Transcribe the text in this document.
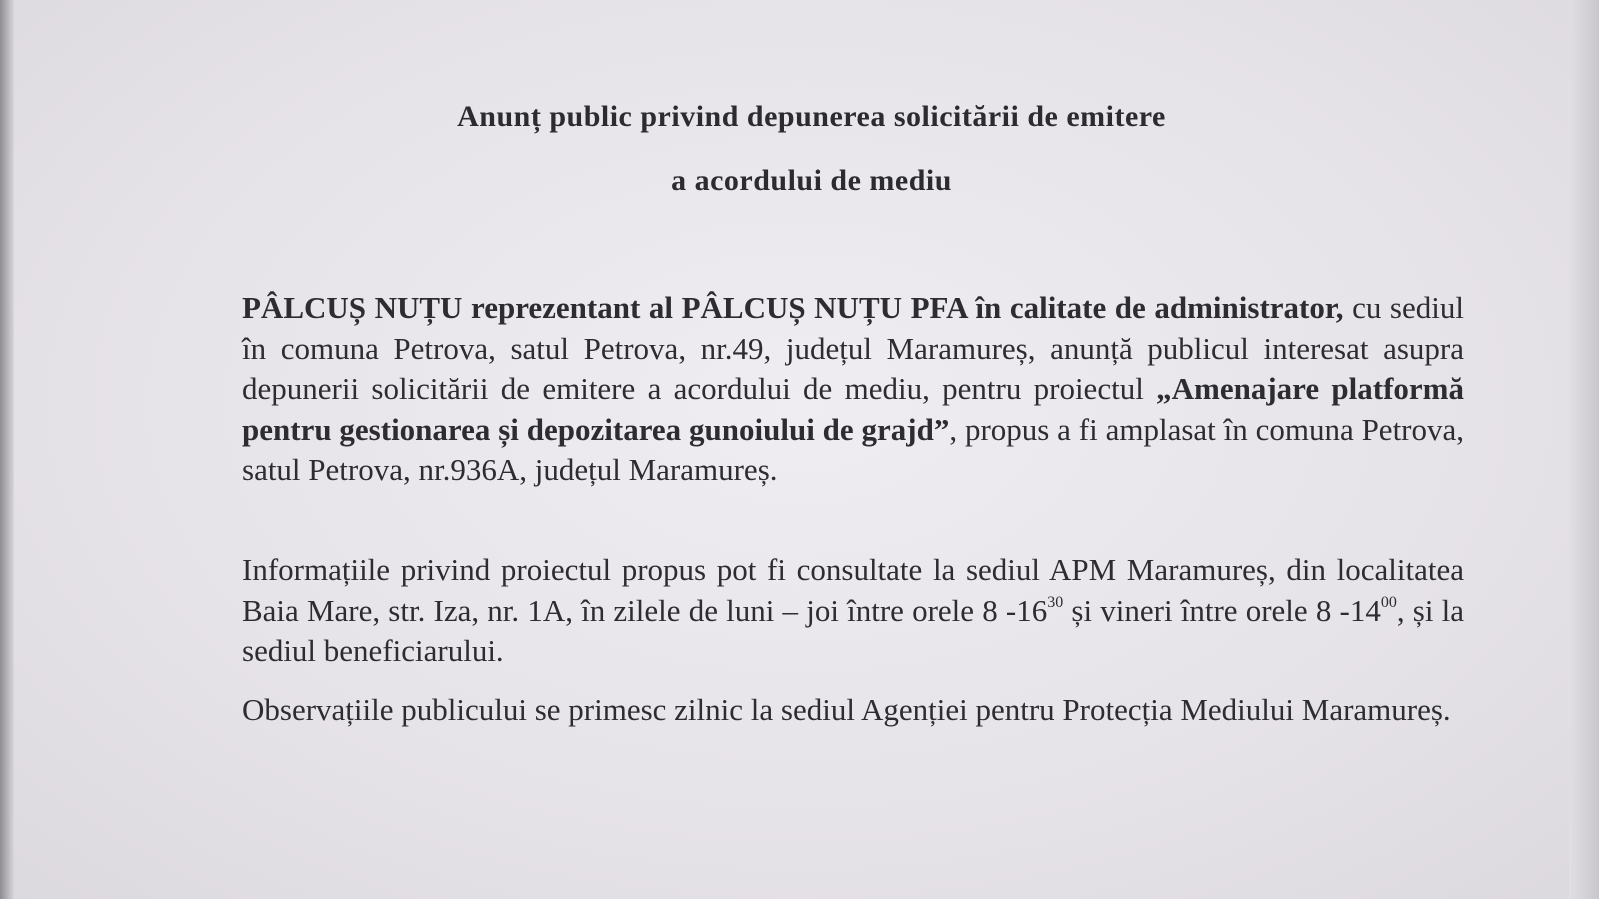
Anunț public privind depunerea solicitării de emitere
a acordului de mediu
PÂLCUȘ NUȚU reprezentant al PÂLCUȘ NUȚU PFA în calitate de administrator, cu sediul în comuna Petrova, satul Petrova, nr.49, județul Maramureș, anunță publicul interesat asupra depunerii solicitării de emitere a acordului de mediu, pentru proiectul „Amenajare platformă pentru gestionarea și depozitarea gunoiului de grajd”, propus a fi amplasat în comuna Petrova, satul Petrova, nr.936A, județul Maramureș.
Informațiile privind proiectul propus pot fi consultate la sediul APM Maramureș, din localitatea Baia Mare, str. Iza, nr. 1A, în zilele de luni – joi între orele 8 $-16^{30}$ și vineri între orele 8 $-14^{00}$, și la sediul beneficiarului.
Observațiile publicului se primesc zilnic la sediul Agenției pentru Protecția Mediului Maramureș.
